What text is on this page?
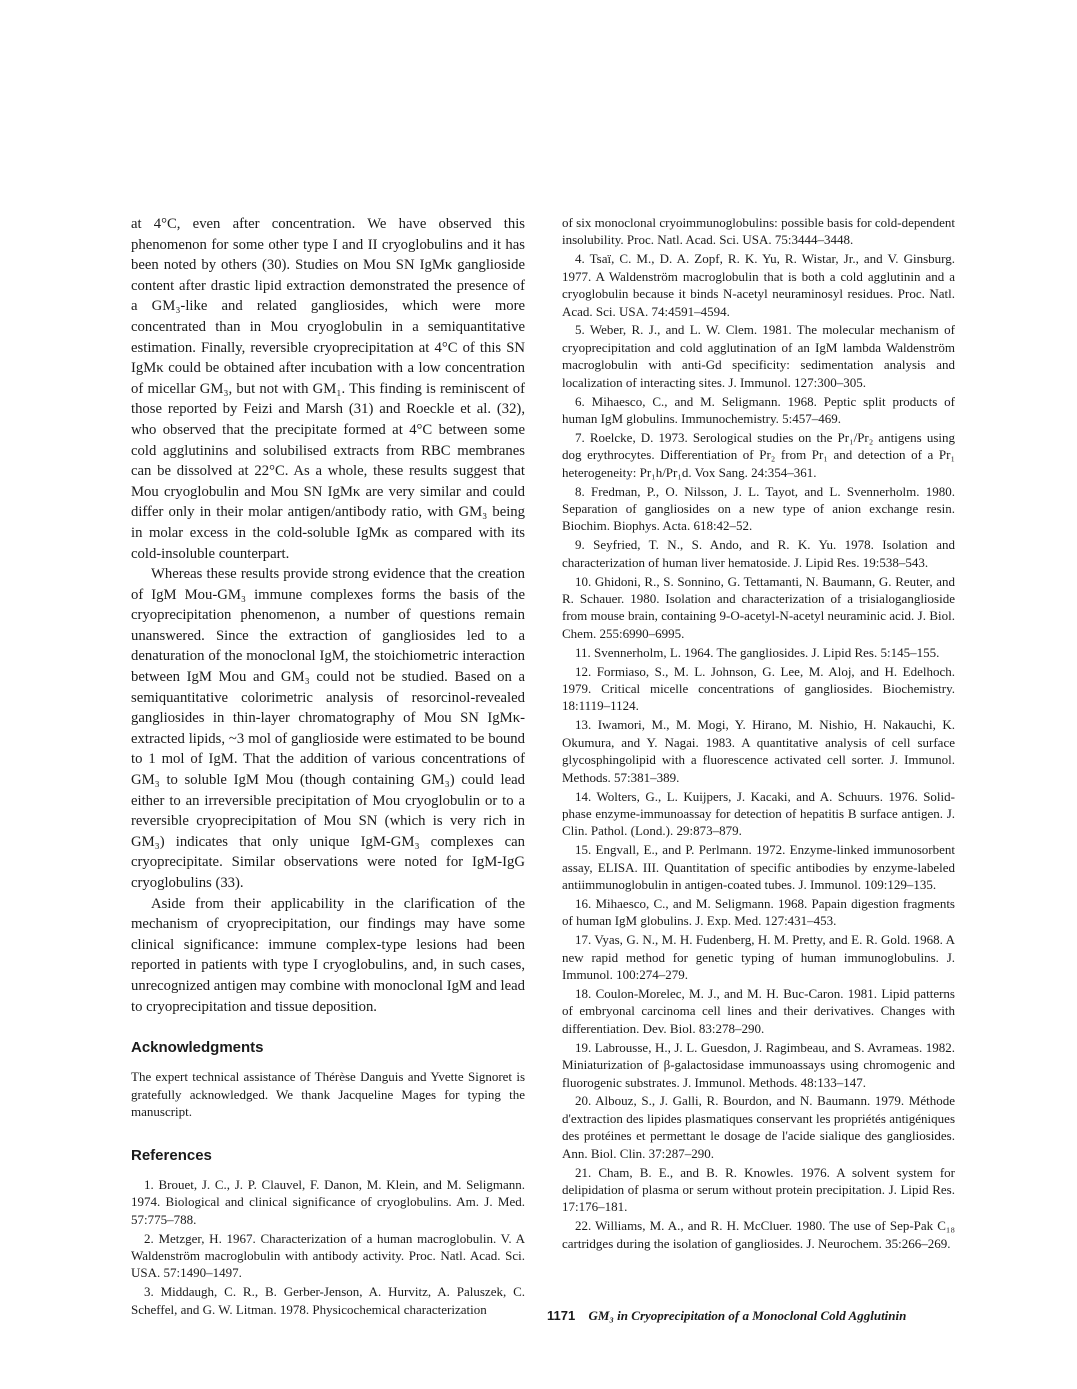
at 4°C, even after concentration. We have observed this phenomenon for some other type I and II cryoglobulins and it has been noted by others (30). Studies on Mou SN IgMκ ganglioside content after drastic lipid extraction demonstrated the presence of a GM₃-like and related gangliosides, which were more concentrated than in Mou cryoglobulin in a semiquantitative estimation. Finally, reversible cryoprecipitation at 4°C of this SN IgMκ could be obtained after incubation with a low concentration of micellar GM₃, but not with GM₁. This finding is reminiscent of those reported by Feizi and Marsh (31) and Roeckle et al. (32), who observed that the precipitate formed at 4°C between some cold agglutinins and solubilised extracts from RBC membranes can be dissolved at 22°C. As a whole, these results suggest that Mou cryoglobulin and Mou SN IgMκ are very similar and could differ only in their molar antigen/antibody ratio, with GM₃ being in molar excess in the cold-soluble IgMκ as compared with its cold-insoluble counterpart.

Whereas these results provide strong evidence that the creation of IgM Mou-GM₃ immune complexes forms the basis of the cryoprecipitation phenomenon, a number of questions remain unanswered. Since the extraction of gangliosides led to a denaturation of the monoclonal IgM, the stoichiometric interaction between IgM Mou and GM₃ could not be studied. Based on a semiquantitative colorimetric analysis of resorcinol-revealed gangliosides in thin-layer chromatography of Mou SN IgMκ-extracted lipids, ~3 mol of ganglioside were estimated to be bound to 1 mol of IgM. That the addition of various concentrations of GM₃ to soluble IgM Mou (though containing GM₃) could lead either to an irreversible precipitation of Mou cryoglobulin or to a reversible cryoprecipitation of Mou SN (which is very rich in GM₃) indicates that only unique IgM-GM₃ complexes can cryoprecipitate. Similar observations were noted for IgM-IgG cryoglobulins (33).

Aside from their applicability in the clarification of the mechanism of cryoprecipitation, our findings may have some clinical significance: immune complex-type lesions had been reported in patients with type I cryoglobulins, and, in such cases, unrecognized antigen may combine with monoclonal IgM and lead to cryoprecipitation and tissue deposition.

Acknowledgments

The expert technical assistance of Thérèse Danguis and Yvette Signoret is gratefully acknowledged. We thank Jacqueline Mages for typing the manuscript.

References

1. Brouet, J. C., J. P. Clauvel, F. Danon, M. Klein, and M. Seligmann. 1974. Biological and clinical significance of cryoglobulins. Am. J. Med. 57:775–788.

2. Metzger, H. 1967. Characterization of a human macroglobulin. V. A Waldenström macroglobulin with antibody activity. Proc. Natl. Acad. Sci. USA. 57:1490–1497.

3. Middaugh, C. R., B. Gerber-Jenson, A. Hurvitz, A. Paluszek, C. Scheffel, and G. W. Litman. 1978. Physicochemical characterization

of six monoclonal cryoimmunoglobulins: possible basis for cold-dependent insolubility. Proc. Natl. Acad. Sci. USA. 75:3444–3448.

4. Tsaï, C. M., D. A. Zopf, R. K. Yu, R. Wistar, Jr., and V. Ginsburg. 1977. A Waldenström macroglobulin that is both a cold agglutinin and a cryoglobulin because it binds N-acetyl neuraminosyl residues. Proc. Natl. Acad. Sci. USA. 74:4591–4594.

5. Weber, R. J., and L. W. Clem. 1981. The molecular mechanism of cryoprecipitation and cold agglutination of an IgM lambda Waldenström macroglobulin with anti-Gd specificity: sedimentation analysis and localization of interacting sites. J. Immunol. 127:300–305.

6. Mihaesco, C., and M. Seligmann. 1968. Peptic split products of human IgM globulins. Immunochemistry. 5:457–469.

7. Roelcke, D. 1973. Serological studies on the Pr₁/Pr₂ antigens using dog erythrocytes. Differentiation of Pr₂ from Pr₁ and detection of a Pr₁ heterogeneity: Pr₁h/Pr₁d. Vox Sang. 24:354–361.

8. Fredman, P., O. Nilsson, J. L. Tayot, and L. Svennerholm. 1980. Separation of gangliosides on a new type of anion exchange resin. Biochim. Biophys. Acta. 618:42–52.

9. Seyfried, T. N., S. Ando, and R. K. Yu. 1978. Isolation and characterization of human liver hematoside. J. Lipid Res. 19:538–543.

10. Ghidoni, R., S. Sonnino, G. Tettamanti, N. Baumann, G. Reuter, and R. Schauer. 1980. Isolation and characterization of a trisialoganglioside from mouse brain, containing 9-O-acetyl-N-acetyl neuraminic acid. J. Biol. Chem. 255:6990–6995.

11. Svennerholm, L. 1964. The gangliosides. J. Lipid Res. 5:145–155.

12. Formiaso, S., M. L. Johnson, G. Lee, M. Aloj, and H. Edelhoch. 1979. Critical micelle concentrations of gangliosides. Biochemistry. 18:1119–1124.

13. Iwamori, M., M. Mogi, Y. Hirano, M. Nishio, H. Nakauchi, K. Okumura, and Y. Nagai. 1983. A quantitative analysis of cell surface glycosphingolipid with a fluorescence activated cell sorter. J. Immunol. Methods. 57:381–389.

14. Wolters, G., L. Kuijpers, J. Kacaki, and A. Schuurs. 1976. Solid-phase enzyme-immunoassay for detection of hepatitis B surface antigen. J. Clin. Pathol. (Lond.). 29:873–879.

15. Engvall, E., and P. Perlmann. 1972. Enzyme-linked immunosorbent assay, ELISA. III. Quantitation of specific antibodies by enzyme-labeled antiimmunoglobulin in antigen-coated tubes. J. Immunol. 109:129–135.

16. Mihaesco, C., and M. Seligmann. 1968. Papain digestion fragments of human IgM globulins. J. Exp. Med. 127:431–453.

17. Vyas, G. N., M. H. Fudenberg, H. M. Pretty, and E. R. Gold. 1968. A new rapid method for genetic typing of human immunoglobulins. J. Immunol. 100:274–279.

18. Coulon-Morelec, M. J., and M. H. Buc-Caron. 1981. Lipid patterns of embryonal carcinoma cell lines and their derivatives. Changes with differentiation. Dev. Biol. 83:278–290.

19. Labrousse, H., J. L. Guesdon, J. Ragimbeau, and S. Avrameas. 1982. Miniaturization of β-galactosidase immunoassays using chromogenic and fluorogenic substrates. J. Immunol. Methods. 48:133–147.

20. Albouz, S., J. Galli, R. Bourdon, and N. Baumann. 1979. Méthode d'extraction des lipides plasmatiques conservant les propriétés antigéniques des protéines et permettant le dosage de l'acide sialique des gangliosides. Ann. Biol. Clin. 37:287–290.

21. Cham, B. E., and B. R. Knowles. 1976. A solvent system for delipidation of plasma or serum without protein precipitation. J. Lipid Res. 17:176–181.

22. Williams, M. A., and R. H. McCluer. 1980. The use of Sep-Pak C₁₈ cartridges during the isolation of gangliosides. J. Neurochem. 35:266–269.

1171 GM₃ in Cryoprecipitation of a Monoclonal Cold Agglutinin
